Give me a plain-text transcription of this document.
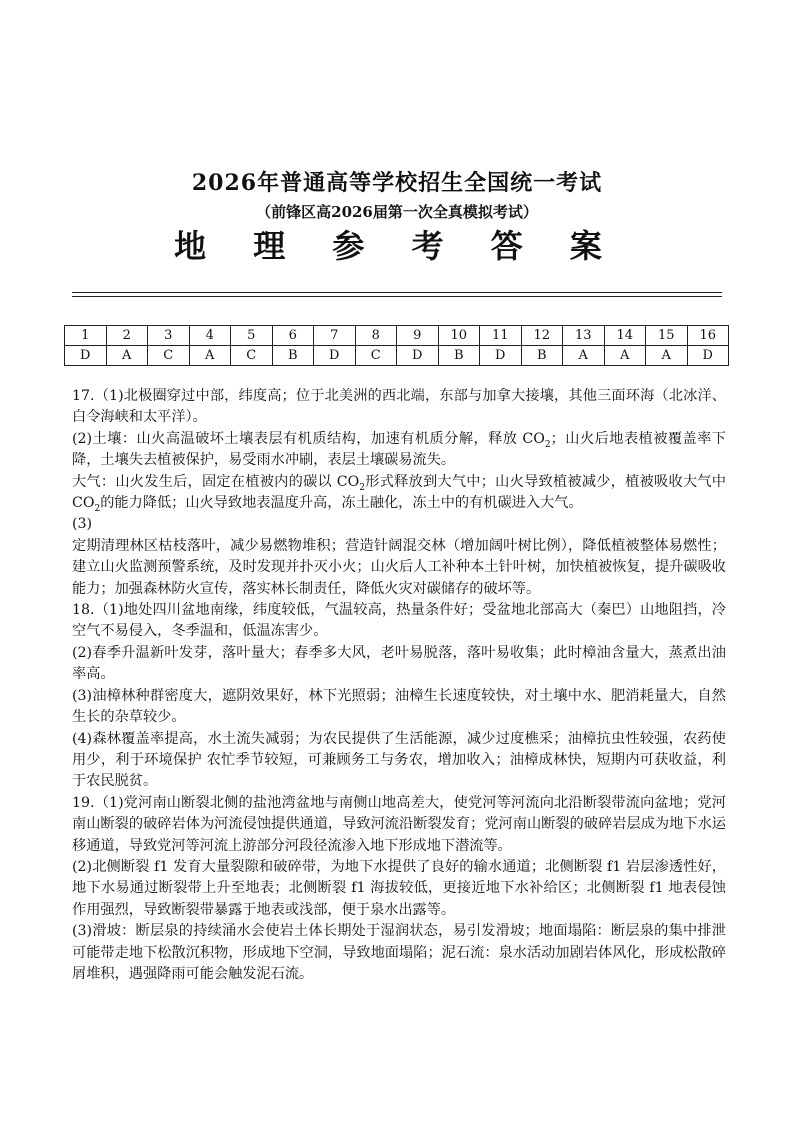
2026年普通高等学校招生全国统一考试
（前锋区高2026届第一次全真模拟考试）
地 理 参 考 答 案
1	2	3	4	5	6	7	8	9	10	11	12	13	14	15	16
D	A	C	A	C	B	D	C	D	B	D	B	A	A	A	D

17.（1)北极圈穿过中部，纬度高；位于北美洲的西北端，东部与加拿大接壤，其他三面环海（北冰洋、白令海峡和太平洋）。

(2)土壤：山火高温破坏土壤表层有机质结构，加速有机质分解，释放 $CO_2$；山火后地表植被覆盖率下降，土壤失去植被保护，易受雨水冲刷，表层土壤碳易流失。

大气：山火发生后，固定在植被内的碳以 $CO_2$形式释放到大气中；山火导致植被减少，植被吸收大气中 $CO_2$的能力降低；山火导致地表温度升高，冻土融化，冻土中的有机碳进入大气。

(3)

定期清理林区枯枝落叶，减少易燃物堆积；营造针阔混交林（增加阔叶树比例），降低植被整体易燃性；建立山火监测预警系统，及时发现并扑灭小火；山火后人工补种本土针叶树，加快植被恢复，提升碳吸收能力；加强森林防火宣传，落实林长制责任，降低火灾对碳储存的破坏等。

18.（1)地处四川盆地南缘，纬度较低，气温较高，热量条件好；受盆地北部高大（秦巴）山地阻挡，冷空气不易侵入，冬季温和，低温冻害少。

(2)春季升温新叶发芽，落叶量大；春季多大风，老叶易脱落，落叶易收集；此时樟油含量大，蒸煮出油率高。

(3)油樟林种群密度大，遮阴效果好，林下光照弱；油樟生长速度较快，对土壤中水、肥消耗量大，自然生长的杂草较少。

(4)森林覆盖率提高，水土流失减弱；为农民提供了生活能源，减少过度樵采；油樟抗虫性较强，农药使用少，利于环境保护 农忙季节较短，可兼顾务工与务农，增加收入；油樟成林快，短期内可获收益，利于农民脱贫。

19.（1)党河南山断裂北侧的盐池湾盆地与南侧山地高差大，使党河等河流向北沿断裂带流向盆地；党河南山断裂的破碎岩体为河流侵蚀提供通道，导致河流沿断裂发育；党河南山断裂的破碎岩层成为地下水运移通道，导致党河等河流上游部分河段径流渗入地下形成地下潜流等。

(2)北侧断裂 f1 发育大量裂隙和破碎带，为地下水提供了良好的输水通道；北侧断裂 f1 岩层渗透性好，地下水易通过断裂带上升至地表；北侧断裂 f1 海拔较低，更接近地下水补给区；北侧断裂 f1 地表侵蚀作用强烈，导致断裂带暴露于地表或浅部，便于泉水出露等。

(3)滑坡：断层泉的持续涌水会使岩土体长期处于湿润状态，易引发滑坡；地面塌陷：断层泉的集中排泄可能带走地下松散沉积物，形成地下空洞，导致地面塌陷；泥石流：泉水活动加剧岩体风化，形成松散碎屑堆积，遇强降雨可能会触发泥石流。
